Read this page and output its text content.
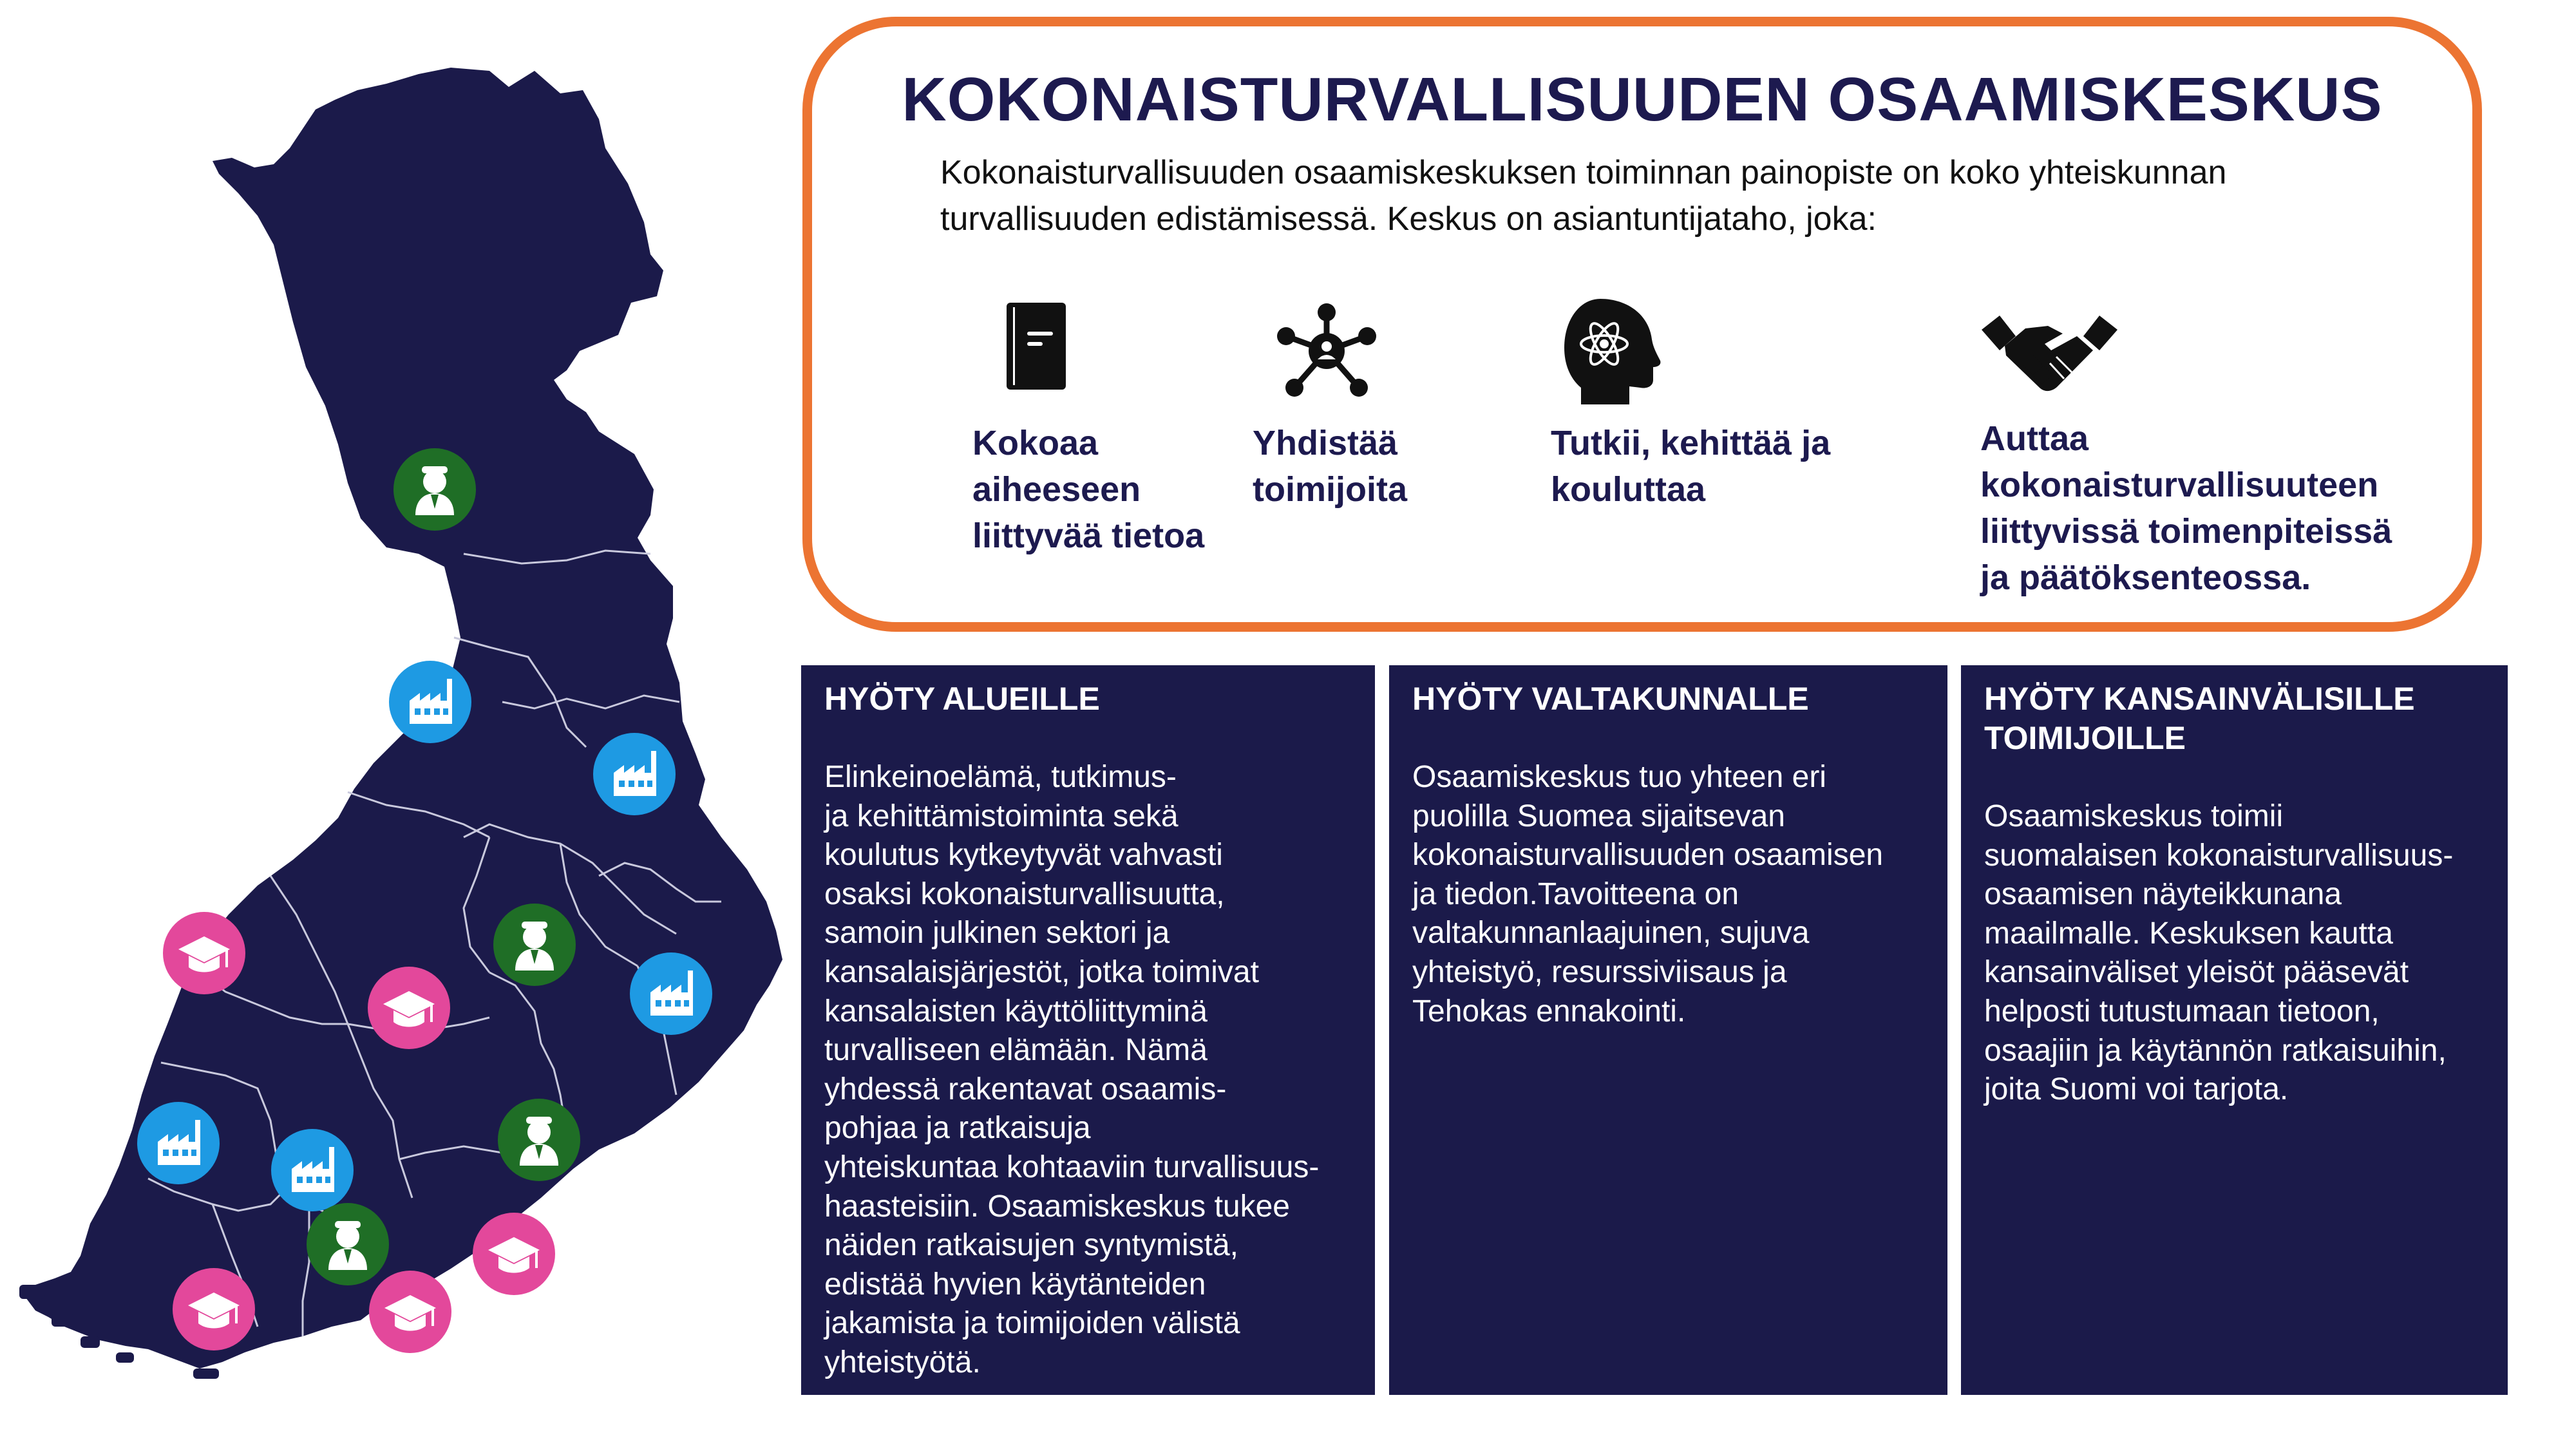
KOKONAISTURVALLISUUDEN OSAAMISKESKUS
Kokonaisturvallisuuden osaamiskeskuksen toiminnan painopiste on koko yhteiskunnan
turvallisuuden edistämisessä. Keskus on asiantuntijataho, joka:
Kokoaa
aiheeseen
liittyvää tietoa
Yhdistää
toimijoita
Tutkii, kehittää ja
kouluttaa
Auttaa
kokonaisturvallisuuteen
liittyvissä toimenpiteissä
ja päätöksenteossa.
HYÖTY ALUEILLE

Elinkeinoelämä, tutkimus-
ja kehittämistoiminta sekä
koulutus kytkeytyvät vahvasti
osaksi kokonaisturvallisuutta,
samoin julkinen sektori ja
kansalaisjärjestöt, jotka toimivat
kansalaisten käyttöliittyminä
turvalliseen elämään. Nämä
yhdessä rakentavat osaamis-
pohjaa ja ratkaisuja
yhteiskuntaa kohtaaviin turvallisuus-
haasteisiin. Osaamiskeskus tukee
näiden ratkaisujen syntymistä,
edistää hyvien käytänteiden
jakamista ja toimijoiden välistä
yhteistyötä.

HYÖTY VALTAKUNNALLE

Osaamiskeskus tuo yhteen eri
puolilla Suomea sijaitsevan
kokonaisturvallisuuden osaamisen
ja tiedon.Tavoitteena on
valtakunnanlaajuinen, sujuva
yhteistyö, resurssiviisaus ja
Tehokas ennakointi.

HYÖTY KANSAINVÄLISILLE
TOIMIJOILLE

Osaamiskeskus toimii
suomalaisen kokonaisturvallisuus-
osaamisen näyteikkunana
maailmalle. Keskuksen kautta
kansainväliset yleisöt pääsevät
helposti tutustumaan tietoon,
osaajiin ja käytännön ratkaisuihin,
joita Suomi voi tarjota.
